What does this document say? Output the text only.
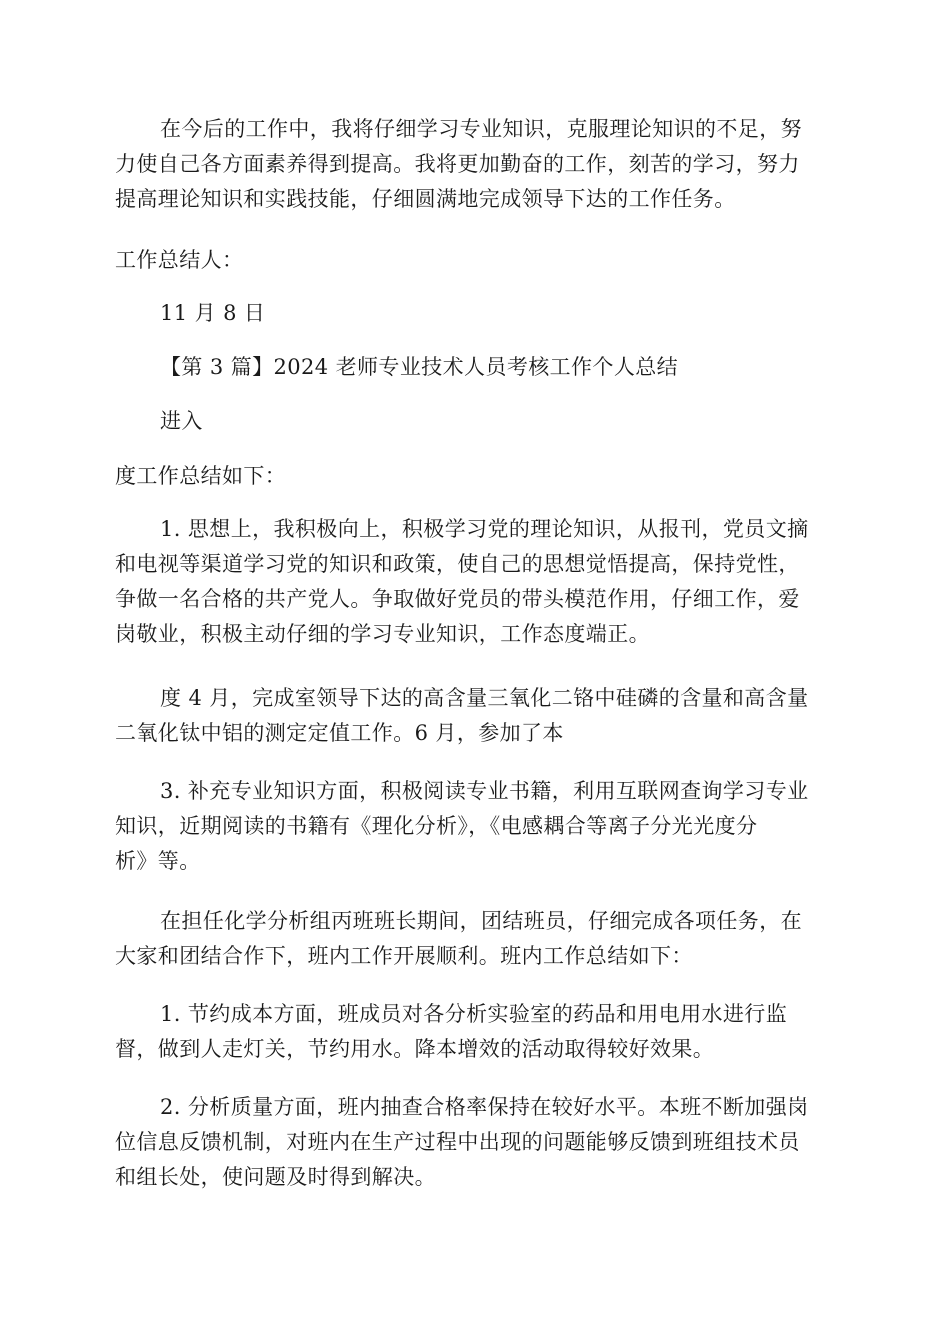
在今后的工作中，我将仔细学习专业知识，克服理论知识的不足，努
力使自己各方面素养得到提高。我将更加勤奋的工作，刻苦的学习，努力
提高理论知识和实践技能，仔细圆满地完成领导下达的工作任务。
工作总结人：
11 月 8 日
【第 3 篇】2024 老师专业技术人员考核工作个人总结
进入
度工作总结如下：
1. 思想上，我积极向上，积极学习党的理论知识，从报刊，党员文摘
和电视等渠道学习党的知识和政策，使自己的思想觉悟提高，保持党性，
争做一名合格的共产党人。争取做好党员的带头模范作用，仔细工作，爱
岗敬业，积极主动仔细的学习专业知识，工作态度端正。
度 4 月，完成室领导下达的高含量三氧化二铬中硅磷的含量和高含量
二氧化钛中铝的测定定值工作。6 月，参加了本
3. 补充专业知识方面，积极阅读专业书籍，利用互联网查询学习专业
知识，近期阅读的书籍有《理化分析》，《电感耦合等离子分光光度分
析》等。
在担任化学分析组丙班班长期间，团结班员，仔细完成各项任务，在
大家和团结合作下，班内工作开展顺利。班内工作总结如下：
1. 节约成本方面，班成员对各分析实验室的药品和用电用水进行监
督，做到人走灯关，节约用水。降本增效的活动取得较好效果。
2. 分析质量方面，班内抽查合格率保持在较好水平。本班不断加强岗
位信息反馈机制，对班内在生产过程中出现的问题能够反馈到班组技术员
和组长处，使问题及时得到解决。
